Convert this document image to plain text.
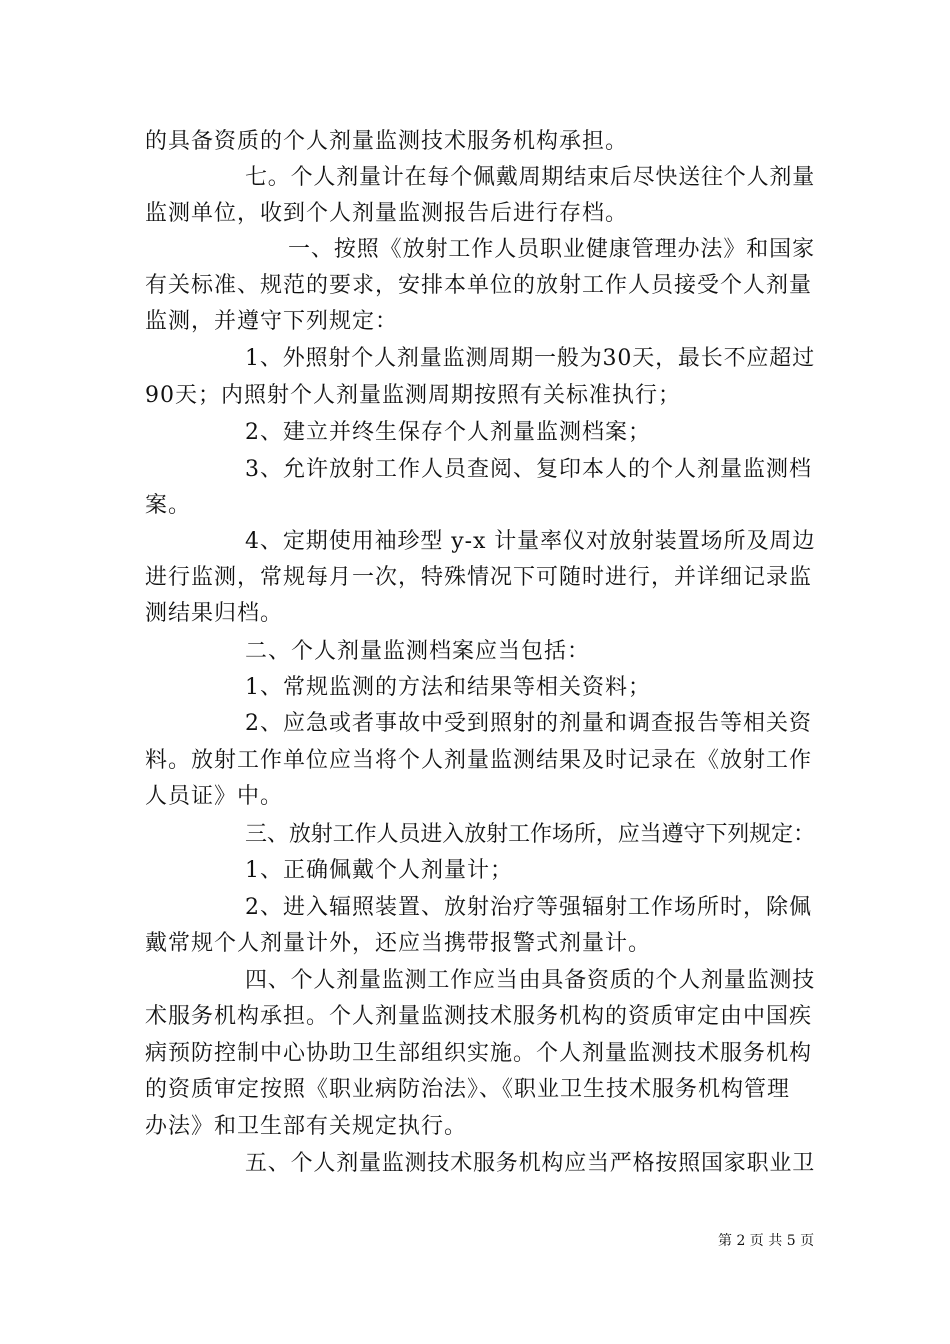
的具备资质的个人剂量监测技术服务机构承担。
七。个人剂量计在每个佩戴周期结束后尽快送往个人剂量
监测单位，收到个人剂量监测报告后进行存档。
一、按照《放射工作人员职业健康管理办法》和国家
有关标准、规范的要求，安排本单位的放射工作人员接受个人剂量
监测，并遵守下列规定：
1、外照射个人剂量监测周期一般为30天，最长不应超过
90天；内照射个人剂量监测周期按照有关标准执行；
2、建立并终生保存个人剂量监测档案；
3、允许放射工作人员查阅、复印本人的个人剂量监测档
案。
4、定期使用袖珍型 y-x 计量率仪对放射装置场所及周边
进行监测，常规每月一次，特殊情况下可随时进行，并详细记录监
测结果归档。
二、个人剂量监测档案应当包括：
1、常规监测的方法和结果等相关资料；
2、应急或者事故中受到照射的剂量和调查报告等相关资
料。放射工作单位应当将个人剂量监测结果及时记录在《放射工作
人员证》中。
三、放射工作人员进入放射工作场所，应当遵守下列规定：
1、正确佩戴个人剂量计；
2、进入辐照装置、放射治疗等强辐射工作场所时，除佩
戴常规个人剂量计外，还应当携带报警式剂量计。
四、个人剂量监测工作应当由具备资质的个人剂量监测技
术服务机构承担。个人剂量监测技术服务机构的资质审定由中国疾
病预防控制中心协助卫生部组织实施。个人剂量监测技术服务机构
的资质审定按照《职业病防治法》、《职业卫生技术服务机构管理
办法》和卫生部有关规定执行。
五、个人剂量监测技术服务机构应当严格按照国家职业卫
第 2 页 共 5 页
